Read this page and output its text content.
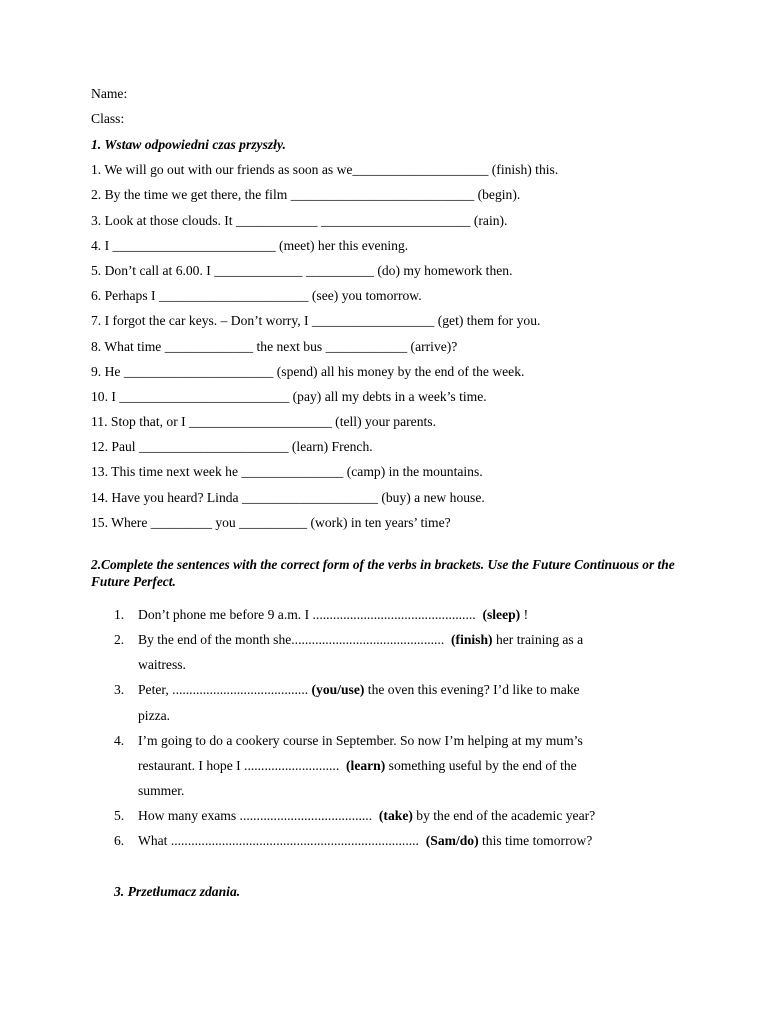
Name:
Class:
1. Wstaw odpowiedni czas przyszły.
1. We will go out with our friends as soon as we____________________ (finish) this.
2. By the time we get there, the film ___________________________ (begin).
3. Look at those clouds. It ____________ ______________________ (rain).
4. I ________________________ (meet) her this evening.
5. Don’t call at 6.00. I _____________ __________ (do) my homework then.
6. Perhaps I ______________________ (see) you tomorrow.
7. I forgot the car keys. – Don’t worry, I __________________ (get) them for you.
8. What time _____________ the next bus ____________ (arrive)?
9. He ______________________ (spend) all his money by the end of the week.
10. I _________________________ (pay) all my debts in a week’s time.
11. Stop that, or I _____________________ (tell) your parents.
12. Paul ______________________ (learn) French.
13. This time next week he _______________ (camp) in the mountains.
14. Have you heard? Linda ____________________ (buy) a new house.
15. Where _________ you __________ (work) in ten years’ time?
2.Complete the sentences with the correct form of the verbs in brackets. Use the Future Continuous or the Future Perfect.
1. Don’t phone me before 9 a.m. I ................................................  (sleep) !
2. By the end of the month she.............................................  (finish) her training as a
waitress.
3. Peter, ........................................ (you/use) the oven this evening? I’d like to make
pizza.
4. I’m going to do a cookery course in September. So now I’m helping at my mum’s
restaurant. I hope I ............................  (learn) something useful by the end of the
summer.
5. How many exams .......................................  (take) by the end of the academic year?
6. What .........................................................................  (Sam/do) this time tomorrow?
3. Przetłumacz zdania.
